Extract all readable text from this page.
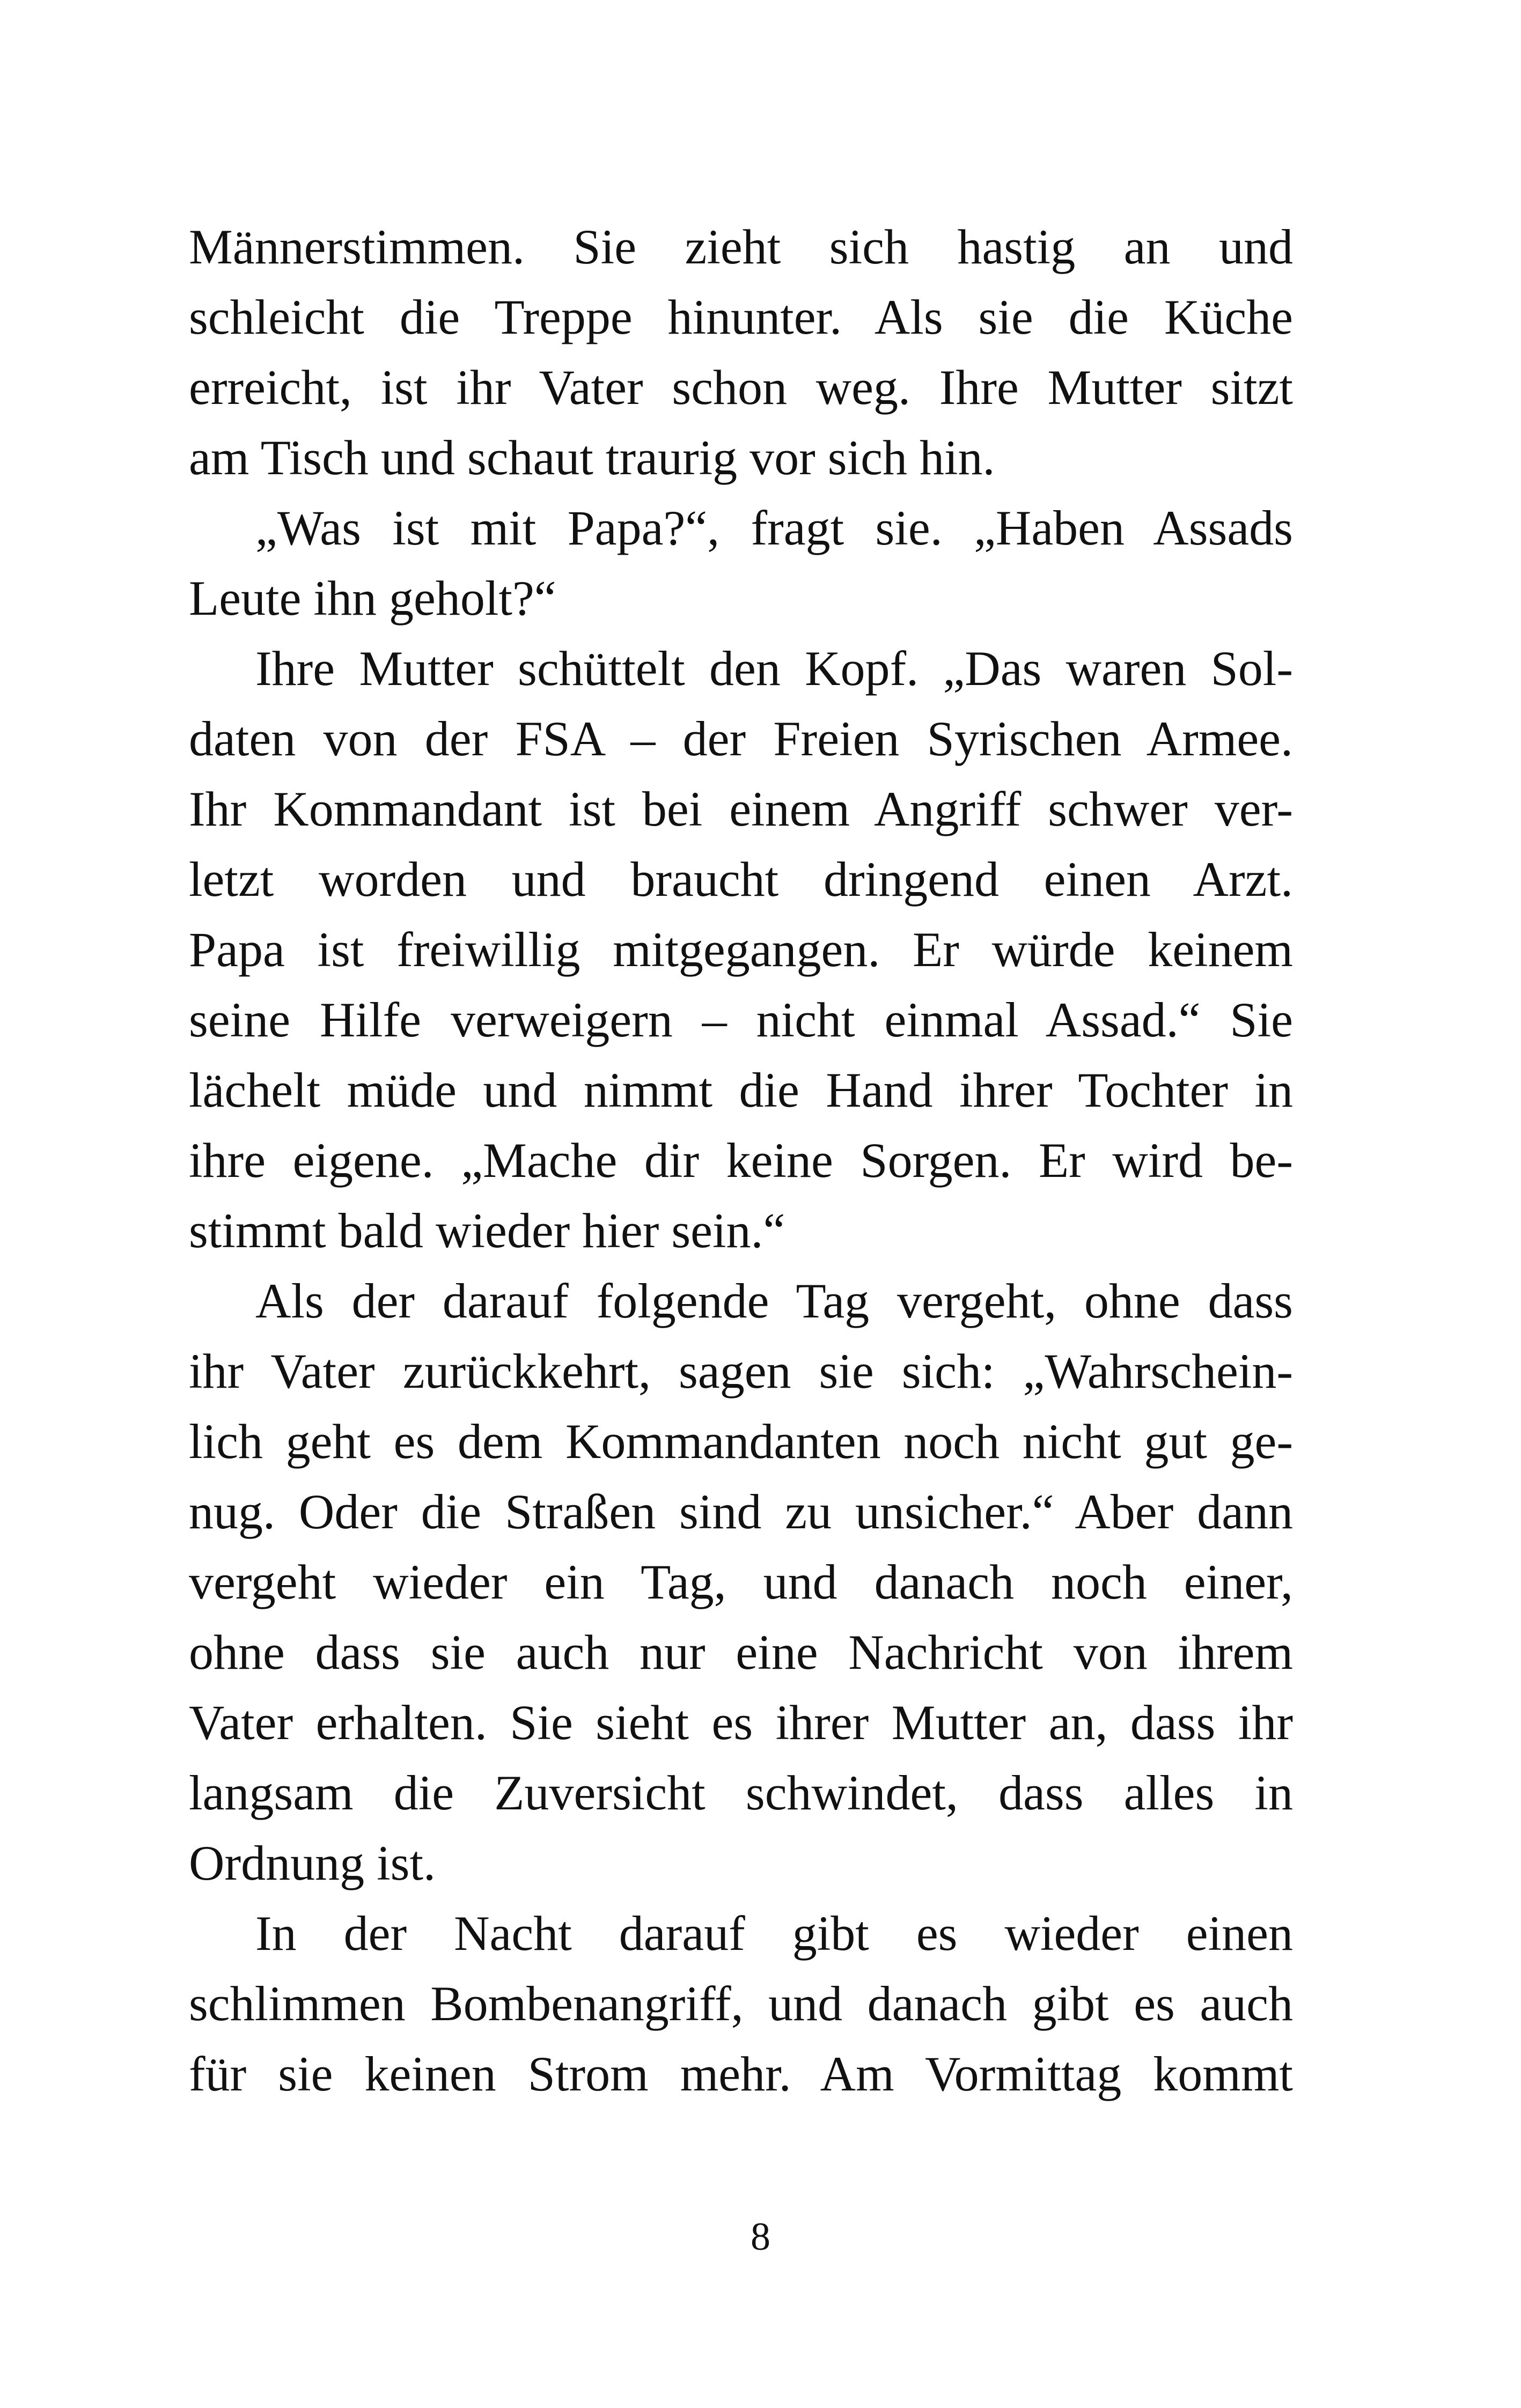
Männerstimmen. Sie zieht sich hastig an und
schleicht die Treppe hinunter. Als sie die Küche
erreicht, ist ihr Vater schon weg. Ihre Mutter sitzt
am Tisch und schaut traurig vor sich hin.
„Was ist mit Papa?“, fragt sie. „Haben Assads
Leute ihn geholt?“
Ihre Mutter schüttelt den Kopf. „Das waren Sol-
daten von der FSA – der Freien Syrischen Armee.
Ihr Kommandant ist bei einem Angriff schwer ver-
letzt worden und braucht dringend einen Arzt.
Papa ist freiwillig mitgegangen. Er würde keinem
seine Hilfe verweigern – nicht einmal Assad.“ Sie
lächelt müde und nimmt die Hand ihrer Tochter in
ihre eigene. „Mache dir keine Sorgen. Er wird be-
stimmt bald wieder hier sein.“
Als der darauf folgende Tag vergeht, ohne dass
ihr Vater zurückkehrt, sagen sie sich: „Wahrschein-
lich geht es dem Kommandanten noch nicht gut ge-
nug. Oder die Straßen sind zu unsicher.“ Aber dann
vergeht wieder ein Tag, und danach noch einer,
ohne dass sie auch nur eine Nachricht von ihrem
Vater erhalten. Sie sieht es ihrer Mutter an, dass ihr
langsam die Zuversicht schwindet, dass alles in
Ordnung ist.
In der Nacht darauf gibt es wieder einen
schlimmen Bombenangriff, und danach gibt es auch
für sie keinen Strom mehr. Am Vormittag kommt
8
